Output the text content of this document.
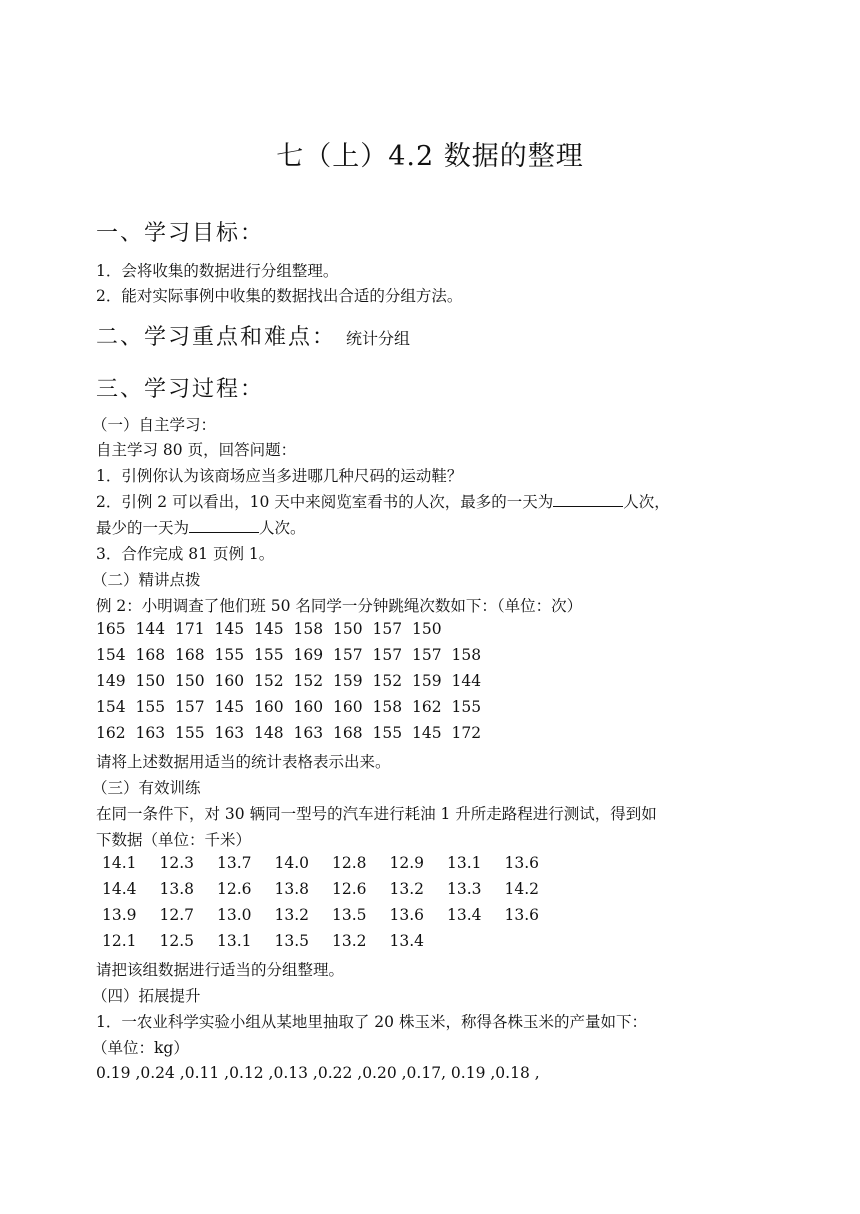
七（上）4.2 数据的整理
一、学习目标：
1．会将收集的数据进行分组整理。
2．能对实际事例中收集的数据找出合适的分组方法。
二、学习重点和难点： 统计分组
三、学习过程：
（一）自主学习：
自主学习 80 页，回答问题：
1．引例你认为该商场应当多进哪几种尺码的运动鞋？
2．引例 2 可以看出，10 天中来阅览室看书的人次，最多的一天为	人次，
最少的一天为	人次。
3．合作完成 81 页例 1。
（二）精讲点拨
例 2：小明调查了他们班 50 名同学一分钟跳绳次数如下：（单位：次）
165 144 171 145 145 158 150 157 150
154 168 168 155 155 169 157 157 157 158
149 150 150 160 152 152 159 152 159 144
154 155 157 145 160 160 160 158 162 155
162 163 155 163 148 163 168 155 145 172
请将上述数据用适当的统计表格表示出来。
（三）有效训练
在同一条件下，对 30 辆同一型号的汽车进行耗油 1 升所走路程进行测试，得到如
下数据（单位：千米）
14.1 12.3 13.7 14.0 12.8 12.9 13.1 13.6
14.4 13.8 12.6 13.8 12.6 13.2 13.3 14.2
13.9 12.7 13.0 13.2 13.5 13.6 13.4 13.6
12.1 12.5 13.1 13.5 13.2 13.4
请把该组数据进行适当的分组整理。
（四）拓展提升
1．一农业科学实验小组从某地里抽取了 20 株玉米，称得各株玉米的产量如下：
（单位：kg）
0.19 ,0.24 ,0.11 ,0.12 ,0.13 ,0.22 ,0.20 ,0.17, 0.19 ,0.18 ,
